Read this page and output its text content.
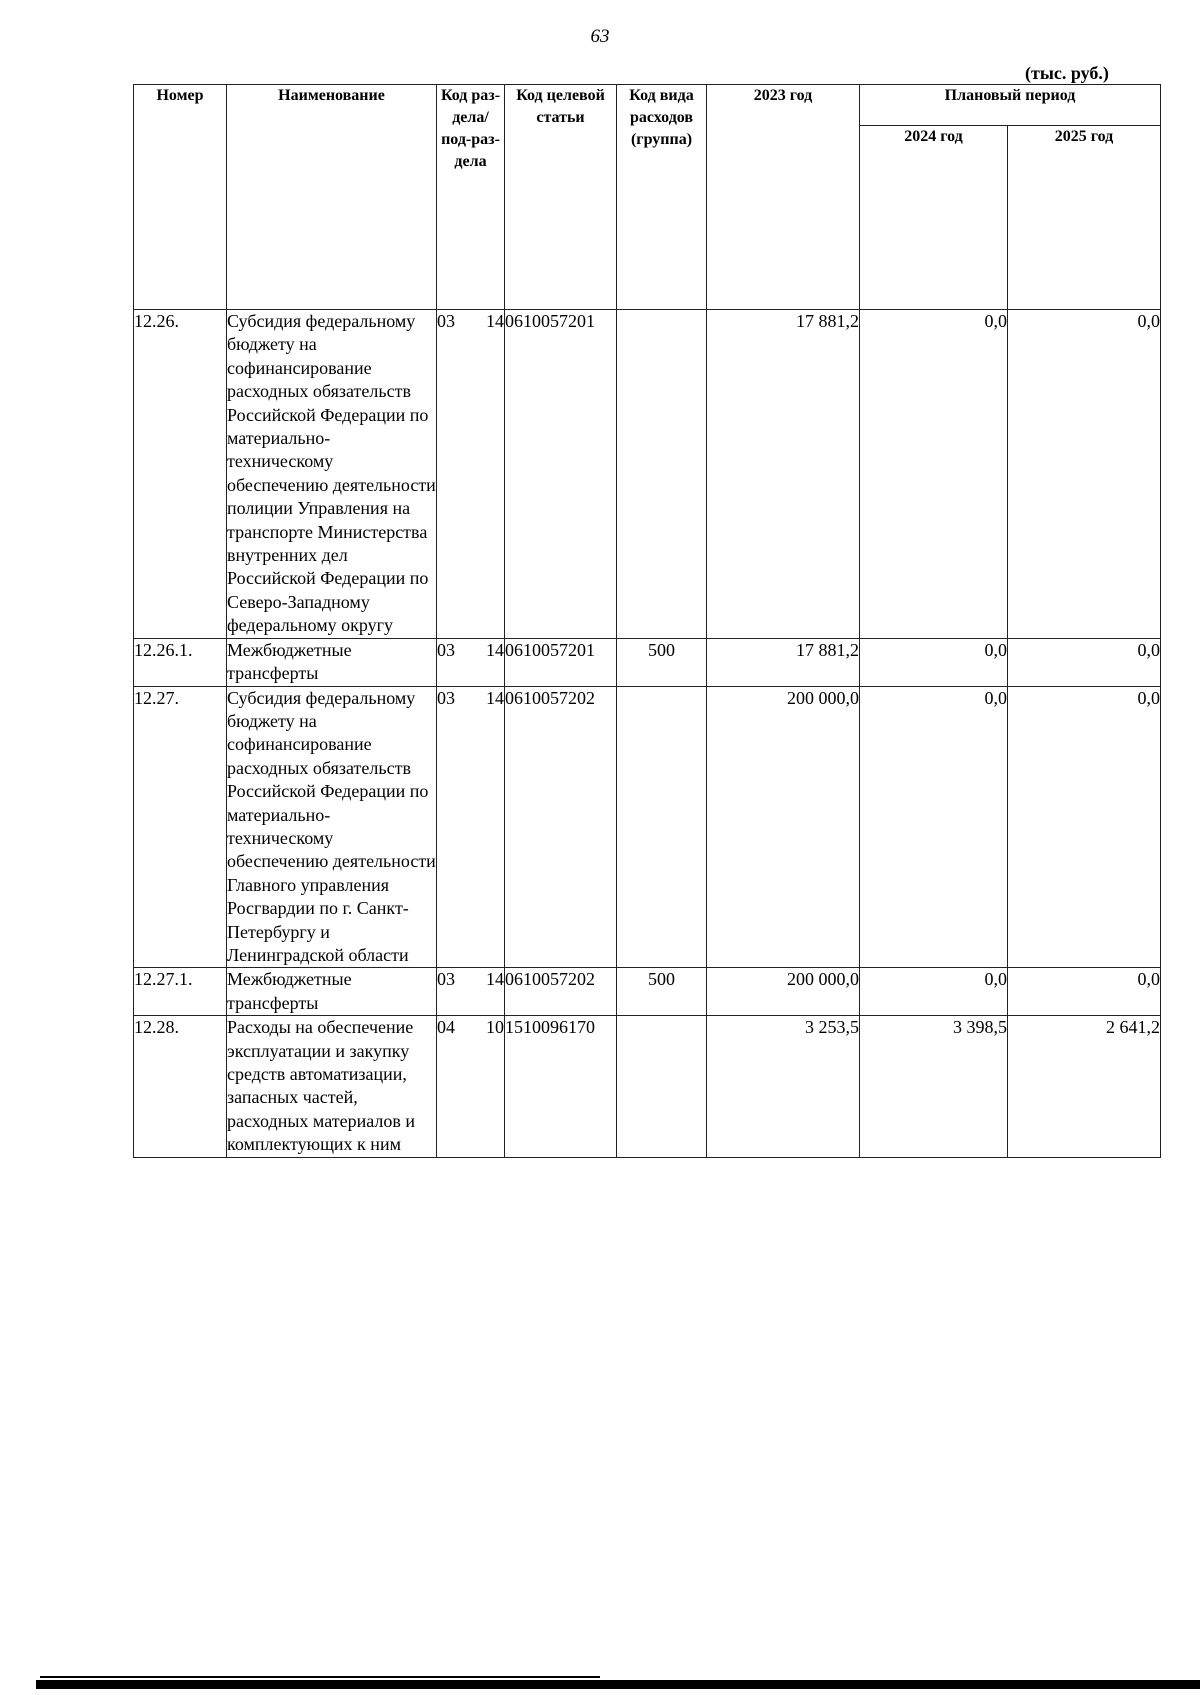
63
(тыс. руб.)
Номер	Наименование	Код раз-дела/ под-раз-дела	Код целевой статьи	Код вида расходов (группа)	2023 год	Плановый период	
						2024 год	2025 год
12.26.	Субсидия федеральному бюджету на софинансирование расходных обязательств Российской Федерации по материально-техническому обеспечению деятельности полиции Управления на транспорте Министерства внутренних дел Российской Федерации по Северо-Западному федеральному округу	03 14	0610057201		17 881,2	0,0	0,0
12.26.1.	Межбюджетные трансферты	03 14	0610057201	500	17 881,2	0,0	0,0
12.27.	Субсидия федеральному бюджету на софинансирование расходных обязательств Российской Федерации по материально-техническому обеспечению деятельности Главного управления Росгвардии по г. Санкт-Петербургу и Ленинградской области	03 14	0610057202		200 000,0	0,0	0,0
12.27.1.	Межбюджетные трансферты	03 14	0610057202	500	200 000,0	0,0	0,0
12.28.	Расходы на обеспечение эксплуатации и закупку средств автоматизации, запасных частей, расходных материалов и комплектующих к ним	04 10	1510096170		3 253,5	3 398,5	2 641,2
